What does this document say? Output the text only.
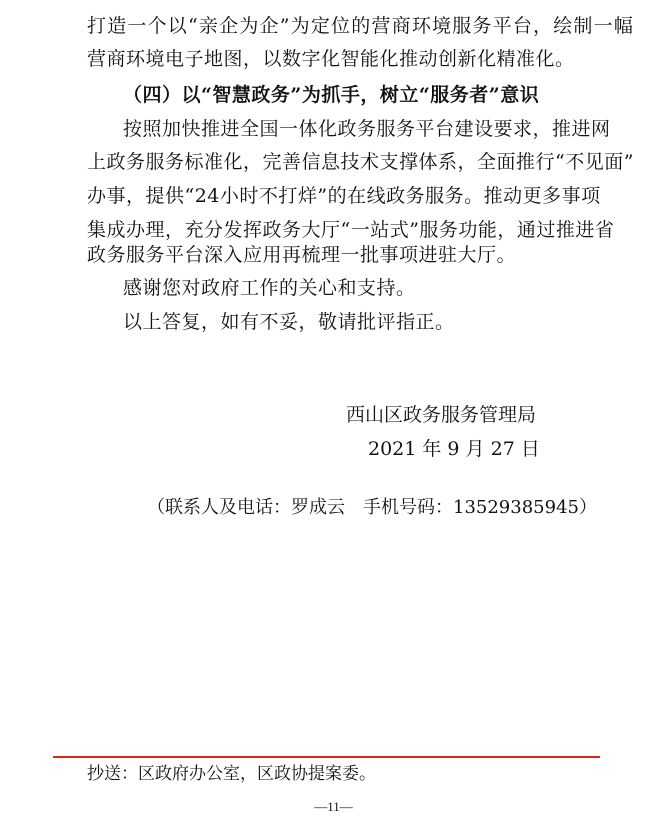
打造一个以“亲企为企”为定位的营商环境服务平台，绘制一幅
营商环境电子地图，以数字化智能化推动创新化精准化。
（四）以“智慧政务”为抓手，树立“服务者”意识
按照加快推进全国一体化政务服务平台建设要求，推进网
上政务服务标准化，完善信息技术支撑体系，全面推行“不见面”
办事，提供“24小时不打烊”的在线政务服务。推动更多事项
集成办理，充分发挥政务大厅“一站式”服务功能，通过推进省
政务服务平台深入应用再梳理一批事项进驻大厅。
感谢您对政府工作的关心和支持。
以上答复，如有不妥，敬请批评指正。
西山区政务服务管理局
2021 年 9 月 27 日
（联系人及电话：罗成云　手机号码：13529385945）
抄送：区政府办公室，区政协提案委。
—11—
